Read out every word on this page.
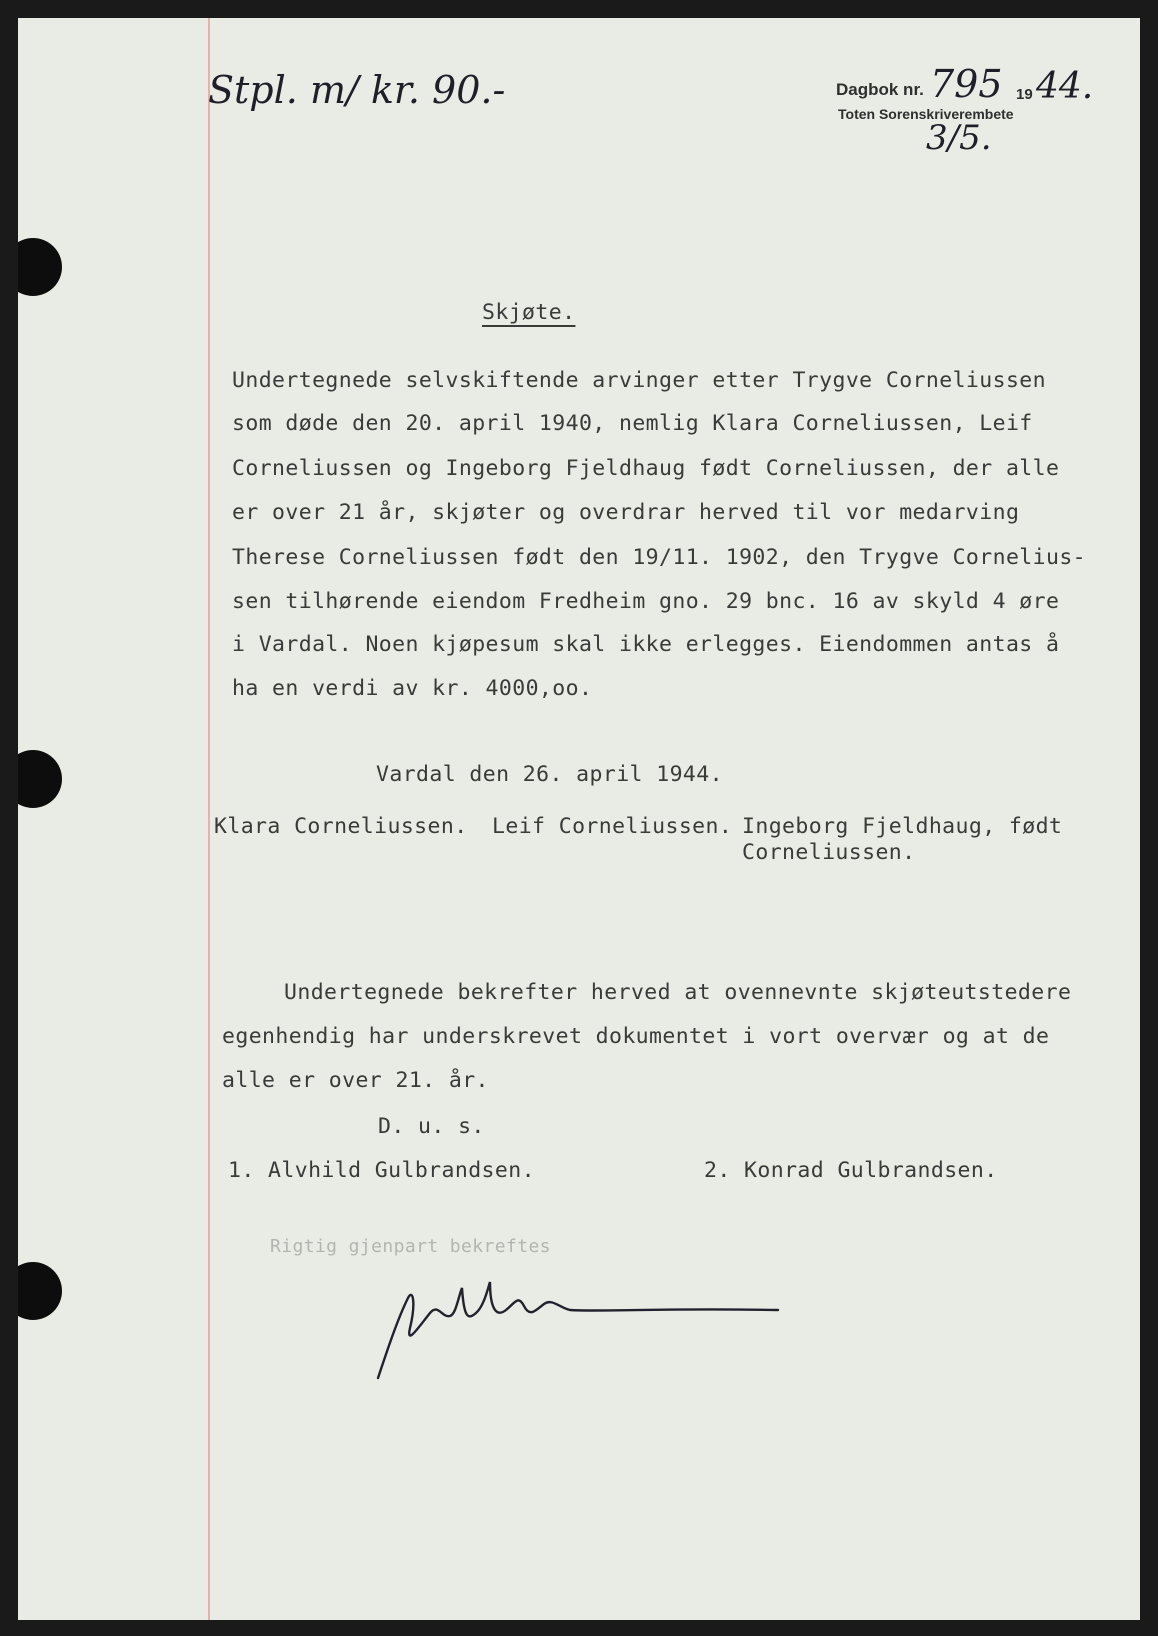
Stpl. m/ kr. 90.-	Dagbok nr. 795 19 44.
Toten Sorenskriverembete
3/5.
Skjøte.
Undertegnede selvskiftende arvinger etter Trygve Corneliussen
som døde den 20. april 1940, nemlig Klara Corneliussen, Leif
Corneliussen og Ingeborg Fjeldhaug født Corneliussen, der alle
er over 21 år, skjøter og overdrar herved til vor medarving
Therese Corneliussen født den 19/11. 1902, den Trygve Cornelius-
sen tilhørende eiendom Fredheim gno. 29 bnc. 16 av skyld 4 øre
i Vardal. Noen kjøpesum skal ikke erlegges. Eiendommen antas å
ha en verdi av kr. 4000,oo.
Vardal den 26. april 1944.
Klara Corneliussen. Leif Corneliussen. Ingeborg Fjeldhaug, født
Corneliussen.
Undertegnede bekrefter herved at ovennevnte skjøteutstedere
egenhendig har underskrevet dokumentet i vort overvær og at de
alle er over 21. år.
D. u. s.
1. Alvhild Gulbrandsen.	2. Konrad Gulbrandsen.
Rigtig gjenpart bekreftes
